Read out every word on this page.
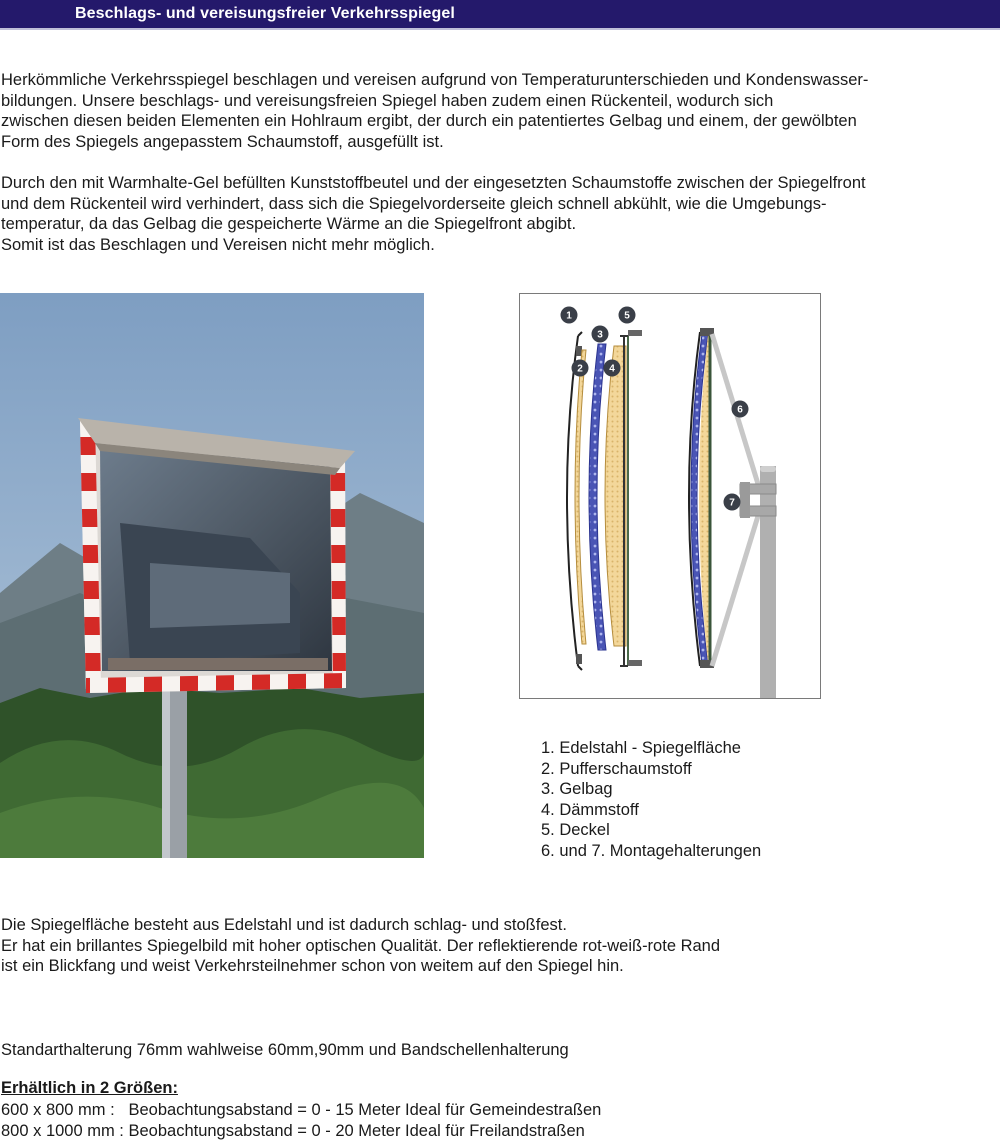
Beschlags- und vereisungsfreier Verkehrsspiegel

Herkömmliche Verkehrsspiegel beschlagen und vereisen aufgrund von Temperaturunterschieden und Kondenswasser-
bildungen. Unsere beschlags- und vereisungsfreien Spiegel haben zudem einen Rückenteil, wodurch sich
zwischen diesen beiden Elementen ein Hohlraum ergibt, der durch ein patentiertes Gelbag und einem, der gewölbten
Form des Spiegels angepasstem Schaumstoff, ausgefüllt ist.

Durch den mit Warmhalte-Gel befüllten Kunststoffbeutel und der eingesetzten Schaumstoffe zwischen der Spiegelfront
und dem Rückenteil wird verhindert, dass sich die Spiegelvorderseite gleich schnell abkühlt, wie die Umgebungs-
temperatur, da das Gelbag die gespeicherte Wärme an die Spiegelfront abgibt.
Somit ist das Beschlagen und Vereisen nicht mehr möglich.

1
2
3
4
5
6
7
1. Edelstahl - Spiegelfläche
2. Pufferschaumstoff
3. Gelbag
4. Dämmstoff
5. Deckel
6. und 7. Montagehalterungen

Die Spiegelfläche besteht aus Edelstahl und ist dadurch schlag- und stoßfest.
Er hat ein brillantes Spiegelbild mit hoher optischen Qualität. Der reflektierende rot-weiß-rote Rand
ist ein Blickfang und weist Verkehrsteilnehmer schon von weitem auf den Spiegel hin.

Standarthalterung 76mm wahlweise 60mm,90mm und Bandschellenhalterung

Erhältlich in 2 Größen:
600 x 800 mm :   Beobachtungsabstand = 0 - 15 Meter Ideal für Gemeindestraßen
800 x 1000 mm : Beobachtungsabstand = 0 - 20 Meter Ideal für Freilandstraßen
